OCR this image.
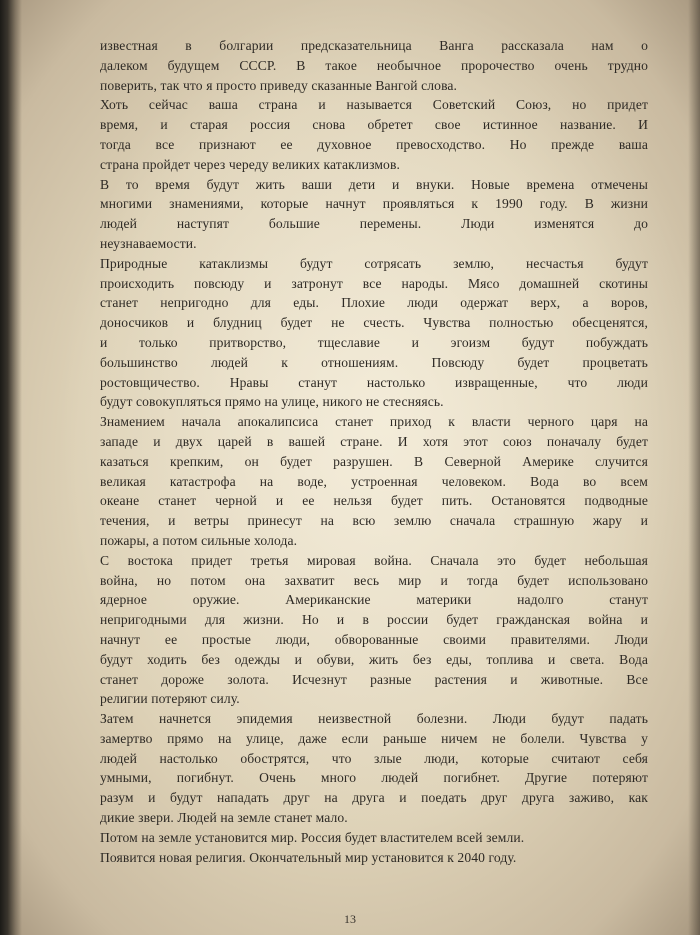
известная в болгарии предсказательница Ванга рассказала нам о
далеком будущем СССР. В такое необычное пророчество очень трудно
поверить, так что я просто приведу сказанные Вангой слова.
Хоть сейчас ваша страна и называется Советский Союз, но придет
время, и старая россия снова обретет свое истинное название. И
тогда все признают ее духовное превосходство. Но прежде ваша
страна пройдет через череду великих катаклизмов.
В то время будут жить ваши дети и внуки. Новые времена отмечены
многими знамениями, которые начнут проявляться к 1990 году. В жизни
людей наступят большие перемены. Люди изменятся до
неузнаваемости.
Природные катаклизмы будут сотрясать землю, несчастья будут
происходить повсюду и затронут все народы. Мясо домашней скотины
станет непригодно для еды. Плохие люди одержат верх, а воров,
доносчиков и блудниц будет не счесть. Чувства полностью обесценятся,
и только притворство, тщеславие и эгоизм будут побуждать
большинство людей к отношениям. Повсюду будет процветать
ростовщичество. Нравы станут настолько извращенные, что люди
будут совокупляться прямо на улице, никого не стесняясь.
Знамением начала апокалипсиса станет приход к власти черного царя на
западе и двух царей в вашей стране. И хотя этот союз поначалу будет
казаться крепким, он будет разрушен. В Северной Америке случится
великая катастрофа на воде, устроенная человеком. Вода во всем
океане станет черной и ее нельзя будет пить. Остановятся подводные
течения, и ветры принесут на всю землю сначала страшную жару и
пожары, а потом сильные холода.
С востока придет третья мировая война. Сначала это будет небольшая
война, но потом она захватит весь мир и тогда будет использовано
ядерное оружие. Американские материки надолго станут
непригодными для жизни. Но и в россии будет гражданская война и
начнут ее простые люди, обворованные своими правителями. Люди
будут ходить без одежды и обуви, жить без еды, топлива и света. Вода
станет дороже золота. Исчезнут разные растения и животные. Все
религии потеряют силу.
Затем начнется эпидемия неизвестной болезни. Люди будут падать
замертво прямо на улице, даже если раньше ничем не болели. Чувства у
людей настолько обострятся, что злые люди, которые считают себя
умными, погибнут. Очень много людей погибнет. Другие потеряют
разум и будут нападать друг на друга и поедать друг друга заживо, как
дикие звери. Людей на земле станет мало.
Потом на земле установится мир. Россия будет властителем всей земли.
Появится новая религия. Окончательный мир установится к 2040 году.
13
